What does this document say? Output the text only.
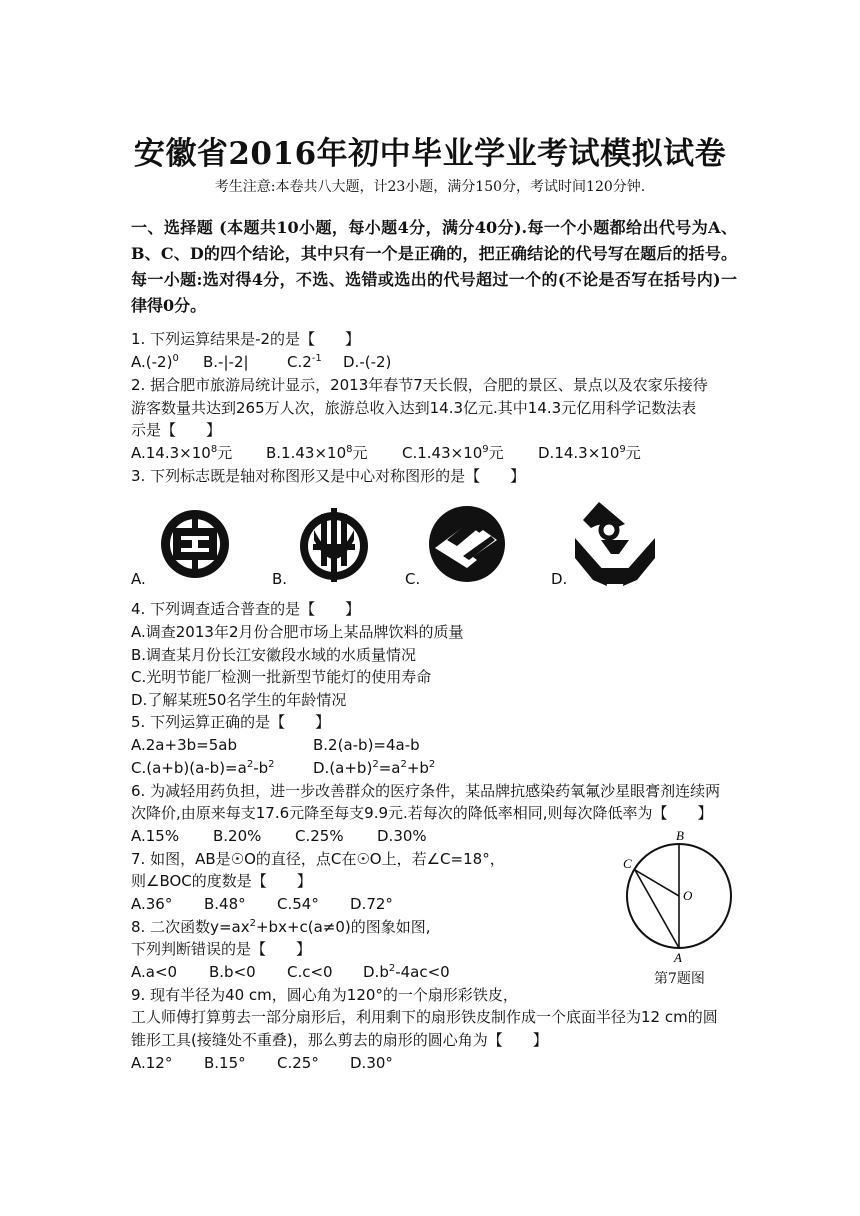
安徽省2016年初中毕业学业考试模拟试卷
考生注意:本卷共八大题，计23小题，满分150分，考试时间120分钟.
一、选择题 (本题共10小题，每小题4分，满分40分).每一个小题都给出代号为A、B、C、D的四个结论，其中只有一个是正确的，把正确结论的代号写在题后的括号。每一小题:选对得4分，不选、选错或选出的代号超过一个的(不论是否写在括号内)一律得0分。
1. 下列运算结果是-2的是【　　】
$A.(-2)^0$ B.-|-2|	$C.2^{-1}$ D.-(-2)
2. 据合肥市旅游局统计显示，2013年春节7天长假，合肥的景区、景点以及农家乐接待
游客数量共达到265万人次，旅游总收入达到14.3亿元.其中14.3元亿用科学记数法表
示是【　　】
$A.14.3\times 10^8$元 $B.1.43\times 10^8$元 $C.1.43\times 10^9$元 $D.14.3\times 10^9$元
3. 下列标志既是轴对称图形又是中心对称图形的是【　　】
A.	B.	C.	D.
4. 下列调查适合普查的是【　　】
A.调查2013年2月份合肥市场上某品牌饮料的质量
B.调查某月份长江安徽段水域的水质量情况
C.光明节能厂检测一批新型节能灯的使用寿命
D.了解某班50名学生的年龄情况
5. 下列运算正确的是【　　】
A.2a+3b=5ab	B.2(a-b)=4a-b
$C.(a+b)(a-b)=a^2-b^2$	$D.(a+b)^2=a^2+b^2$
6. 为减轻用药负担，进一步改善群众的医疗条件，某品牌抗感染药氧氟沙星眼膏剂连续两
次降价,由原来每支17.6元降至每支9.9元.若每次的降低率相同,则每次降低率为【　　】
A.15% B.20% C.25% D.30%
7. 如图，AB是☉O的直径，点C在☉O上，若∠C=18°，
则∠BOC的度数是【　　】
A.36° B.48° C.54° D.72°
B
C
O
A
第7题图
8. 二次函数$y=ax^2+bx+c(a\ne 0)$的图象如图,
下列判断错误的是【　　】
A.a<0 B.b<0 C.c<0 $D.b^2-4ac<0$
9. 现有半径为40 cm，圆心角为120°的一个扇形彩铁皮，
工人师傅打算剪去一部分扇形后，利用剩下的扇形铁皮制作成一个底面半径为12 cm的圆
锥形工具(接缝处不重叠)，那么剪去的扇形的圆心角为【　　】
A.12° B.15° C.25° D.30°
